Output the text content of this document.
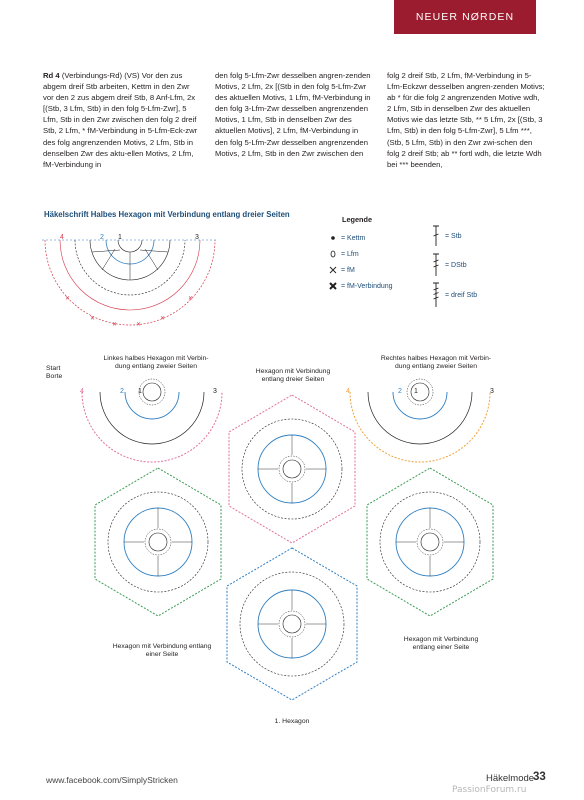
NEUER NØRDEN

Rd 4 (Verbindungs-Rd) (VS) Vor den zus abgem dreif Stb arbeiten, Kettm in den Zwr vor den 2 zus abgem dreif Stb, 8 Anf-Lfm, 2x [(Stb, 3 Lfm, Stb) in den folg 5-Lfm-Zwr], 5 Lfm, Stb in den Zwr zwischen den folg 2 dreif Stb, 2 Lfm, * fM-Verbindung in 5-Lfm-Eck-zwr des folg angrenzenden Motivs, 2 Lfm, Stb in denselben Zwr des aktu-ellen Motivs, 2 Lfm, fM-Verbindung in

den folg 5-Lfm-Zwr desselben angren-zenden Motivs, 2 Lfm, 2x [(Stb in den folg 5-Lfm-Zwr des aktuellen Motivs, 1 Lfm, fM-Verbindung in den folg 3-Lfm-Zwr desselben angrenzenden Motivs, 1 Lfm, Stb in denselben Zwr des aktuellen Motivs], 2 Lfm, fM-Verbindung in den folg 5-Lfm-Zwr desselben angrenzenden Motivs, 2 Lfm, Stb in den Zwr zwischen den

folg 2 dreif Stb, 2 Lfm, fM-Verbindung in 5-Lfm-Eckzwr desselben angren-zenden Motivs; ab * für die folg 2 angrenzenden Motive wdh, 2 Lfm, Stb in denselben Zwr des aktuellen Motivs wie das letzte Stb, ** 5 Lfm, 2x [(Stb, 3 Lfm, Stb) in den folg 5-Lfm-Zwr], 5 Lfm ***, (Stb, 5 Lfm, Stb) in den Zwr zwi-schen den folg 2 dreif Stb; ab ** fortl wdh, die letzte Wdh bei *** beenden,

Häkelschrift Halbes Hexagon mit Verbindung entlang dreier Seiten
Legende
= Kettm
= Lfm
= fM
= fM-Verbindung
= Stb
= DStb
= dreif Stb
✕
✕	✕
✕
✕	✕
4	2 1	3
4	2 1	3	4	2 1	3
Start Borte
Linkes halbes Hexagon mit Verbin-dung entlang zweier Seiten
Hexagon mit Verbindung entlang dreier Seiten
Rechtes halbes Hexagon mit Verbin-dung entlang zweier Seiten
Hexagon mit Verbindung entlang einer Seite
Hexagon mit Verbindung entlang einer Seite
1. Hexagon
www.facebook.com/SimplyStricken	Häkelmode
33
PassionForum.ru
